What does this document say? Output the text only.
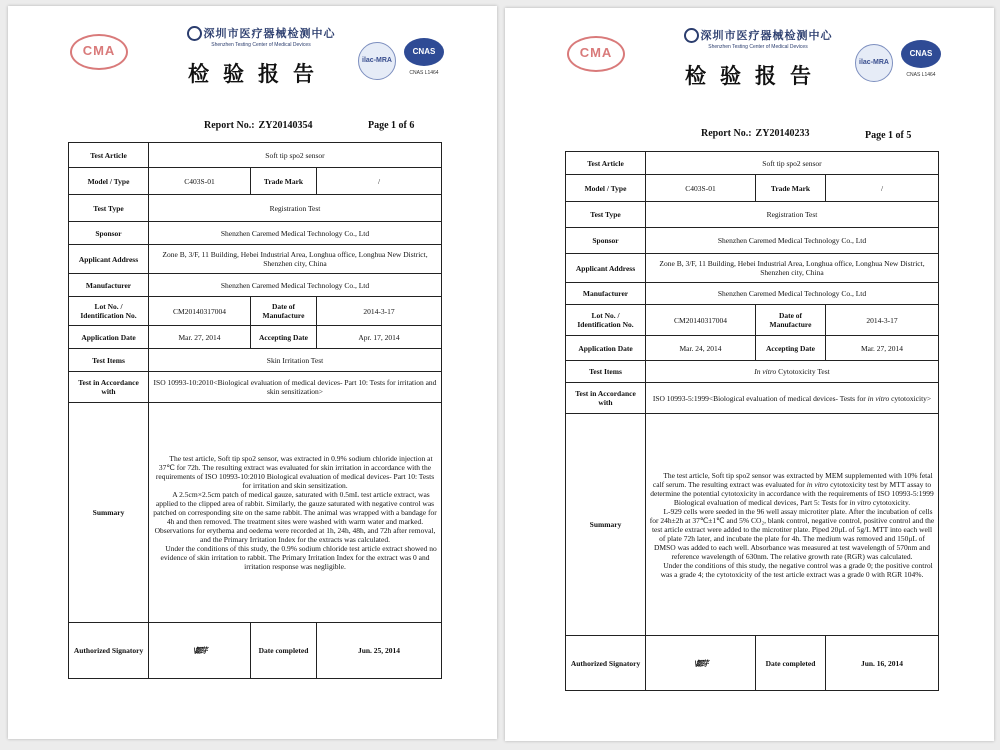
CMA
深圳市医疗器械检测中心
Shenzhen Testing Center of Medical Devices
检验报告
ilac-MRA
CNAS
CNAS L1464
Report No.: ZY20140354	Page 1 of 6
Test Article	Soft tip spo2 sensor		
Model / Type	C403S-01	Trade Mark	/
Test Type	Registration Test		
Sponsor	Shenzhen Caremed Medical Technology Co., Ltd		
Applicant Address	Zone B, 3/F, 11 Building, Hebei Industrial Area, Longhua office, Longhua New District, Shenzhen city, China		
Manufacturer	Shenzhen Caremed Medical Technology Co., Ltd		
Lot No. / Identification No.	CM20140317004	Date of Manufacture	2014-3-17
Application Date	Mar. 27, 2014	Accepting Date	Apr. 17, 2014
Test Items	Skin Irritation Test		
Test in Accordance with	ISO 10993-10:2010<Biological evaluation of medical devices- Part 10: Tests for irritation and skin sensitization>		
Summary	The test article, Soft tip spo2 sensor, was extracted in 0.9% sodium chloride injection at 37℃ for 72h. The resulting extract was evaluated for skin irritation in accordance with the requirements of ISO 10993-10:2010 Biological evaluation of medical devices- Part 10: Tests for irritation and skin sensitization.

A 2.5cm×2.5cm patch of medical gauze, saturated with 0.5mL test article extract, was applied to the clipped area of rabbit. Similarly, the gauze saturated with negative control was patched on corresponding site on the same rabbit. The animal was wrapped with a bandage for 4h and then removed. The treatment sites were washed with warm water and marked. Observations for erythema and oedema were recorded at 1h, 24h, 48h, and 72h after removal, and the Primary Irritation Index for the extracts was calculated.

Under the conditions of this study, the 0.9% sodium chloride test article extract showed no evidence of skin irritation to rabbit. The Primary Irritation Index for the extract was 0 and irritation response was negligible.		

Authorized Signatory	\ 鄒芽	Date completed	Jun. 25, 2014
CMA
深圳市医疗器械检测中心
Shenzhen Testing Center of Medical Devices
检验报告
ilac-MRA
CNAS
CNAS L1464
Report No.: ZY20140233	Page 1 of 5
Test Article	Soft tip spo2 sensor		
Model / Type	C403S-01	Trade Mark	/
Test Type	Registration Test		
Sponsor	Shenzhen Caremed Medical Technology Co., Ltd		
Applicant Address	Zone B, 3/F, 11 Building, Hebei Industrial Area, Longhua office, Longhua New District, Shenzhen city, China		
Manufacturer	Shenzhen Caremed Medical Technology Co., Ltd		
Lot No. / Identification No.	CM20140317004	Date of Manufacture	2014-3-17
Application Date	Mar. 24, 2014	Accepting Date	Mar. 27, 2014
Test Items	In vitro Cytotoxicity Test		
Test in Accordance with	ISO 10993-5:1999<Biological evaluation of medical devices- Tests for in vitro cytotoxicity>		
Summary	The test article, Soft tip spo2 sensor was extracted by MEM supplemented with 10% fetal calf serum. The resulting extract was evaluated for in vitro cytotoxicity test by MTT assay to determine the potential cytotoxicity in accordance with the requirements of ISO 10993-5:1999 Biological evaluation of medical devices, Part 5: Tests for in vitro cytotoxicity.

L-929 cells were seeded in the 96 well assay microtiter plate. After the incubation of cells for 24h±2h at 37℃±1℃ and 5% CO₂, blank control, negative control, positive control and the test article extract were added to the microtiter plate. Piped 20μL of 5g/L MTT into each well of plate 72h later, and incubate the plate for 4h. The medium was removed and 150μL of DMSO was added to each well. Absorbance was measured at test wavelength of 570nm and reference wavelength of 630nm. The relative growth rate (RGR) was calculated.

Under the conditions of this study, the negative control was a grade 0; the positive control was a grade 4; the cytotoxicity of the test article extract was a grade 0 with RGR 104%.		

Authorized Signatory	\ 鄒芽	Date completed	Jun. 16, 2014
